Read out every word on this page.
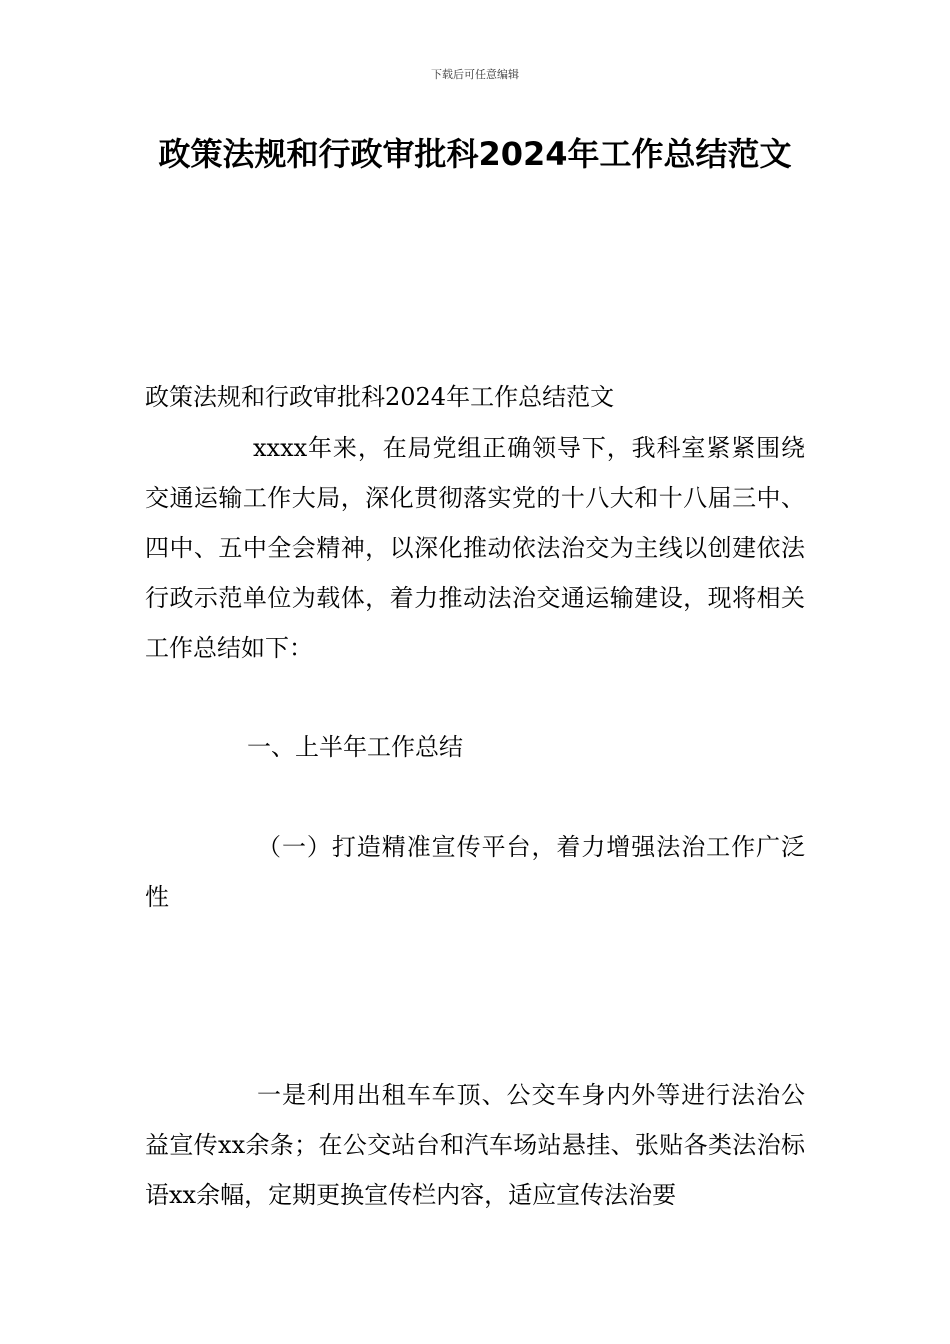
下载后可任意编辑
政策法规和行政审批科2024年工作总结范文

政策法规和行政审批科2024年工作总结范文

xxxx年来，在局党组正确领导下，我科室紧紧围绕交通运输工作大局，深化贯彻落实党的十八大和十八届三中、四中、五中全会精神，以深化推动依法治交为主线以创建依法行政示范单位为载体，着力推动法治交通运输建设，现将相关工作总结如下：

一、上半年工作总结

（一）打造精准宣传平台，着力增强法治工作广泛性

一是利用出租车车顶、公交车身内外等进行法治公益宣传xx余条；在公交站台和汽车场站悬挂、张贴各类法治标语xx余幅，定期更换宣传栏内容，适应宣传法治要
